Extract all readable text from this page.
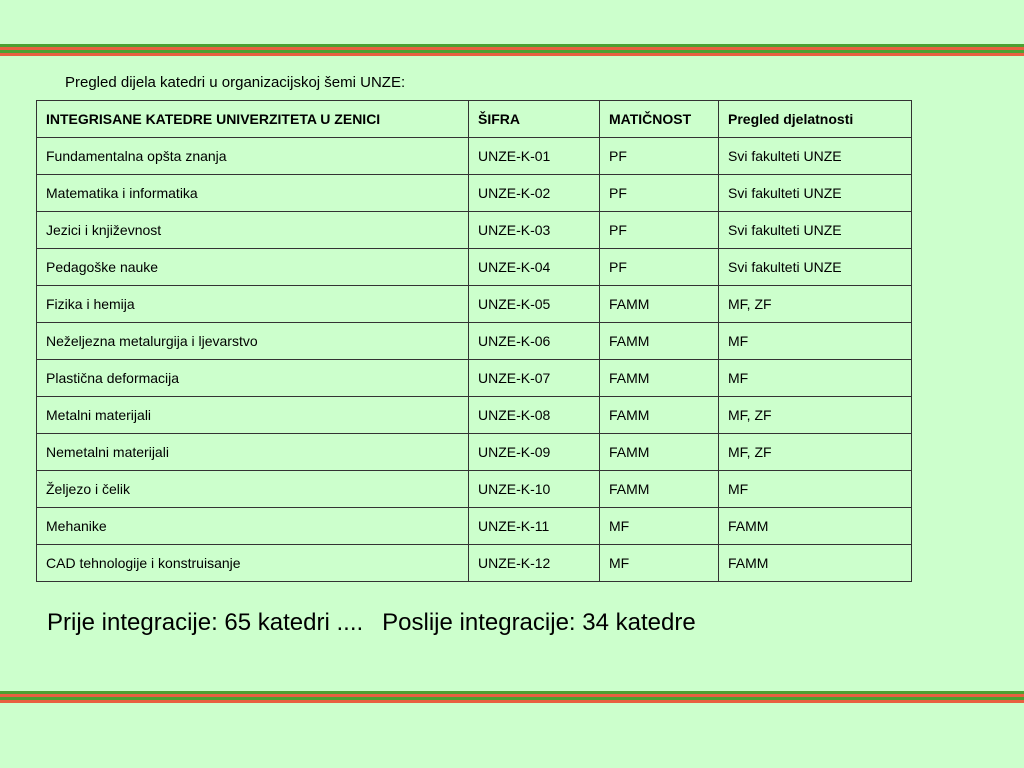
Pregled dijela katedri u organizacijskoj šemi UNZE:
INTEGRISANE KATEDRE UNIVERZITETA U ZENICI	ŠIFRA	MATIČNOST	Pregled djelatnosti
Fundamentalna opšta znanja	UNZE-K-01	PF	Svi fakulteti UNZE
Matematika i informatika	UNZE-K-02	PF	Svi fakulteti UNZE
Jezici i književnost	UNZE-K-03	PF	Svi fakulteti UNZE
Pedagoške nauke	UNZE-K-04	PF	Svi fakulteti UNZE
Fizika i hemija	UNZE-K-05	FAMM	MF, ZF
Neželjezna metalurgija i ljevarstvo	UNZE-K-06	FAMM	MF
Plastična deformacija	UNZE-K-07	FAMM	MF
Metalni materijali	UNZE-K-08	FAMM	MF, ZF
Nemetalni materijali	UNZE-K-09	FAMM	MF, ZF
Željezo i čelik	UNZE-K-10	FAMM	MF
Mehanike	UNZE-K-11	MF	FAMM
CAD tehnologije i konstruisanje	UNZE-K-12	MF	FAMM
Prije integracije: 65 katedri .... Poslije integracije: 34 katedre
